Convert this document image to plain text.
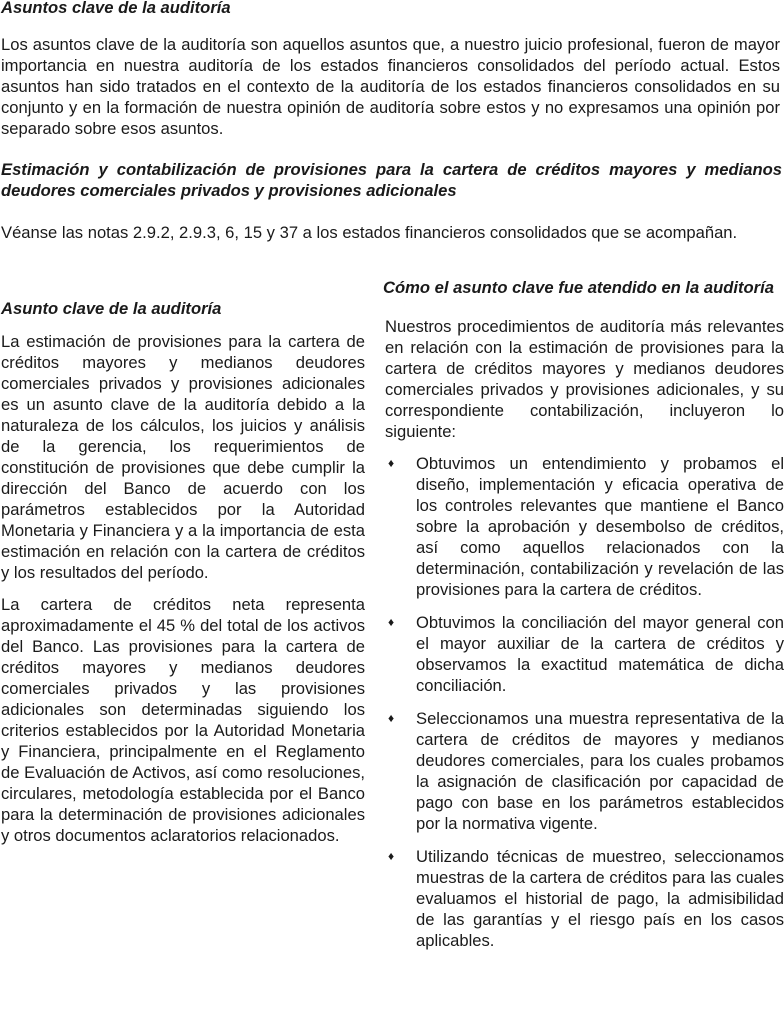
Asuntos clave de la auditoría

Los asuntos clave de la auditoría son aquellos asuntos que, a nuestro juicio profesional, fueron de mayor importancia en nuestra auditoría de los estados financieros consolidados del período actual. Estos asuntos han sido tratados en el contexto de la auditoría de los estados financieros consolidados en su conjunto y en la formación de nuestra opinión de auditoría sobre estos y no expresamos una opinión por separado sobre esos asuntos.

Estimación y contabilización de provisiones para la cartera de créditos mayores y medianos deudores comerciales privados y provisiones adicionales

Véanse las notas 2.9.2, 2.9.3, 6, 15 y 37 a los estados financieros consolidados que se acompañan.

Asunto clave de la auditoría

La estimación de provisiones para la cartera de créditos mayores y medianos deudores comerciales privados y provisiones adicionales es un asunto clave de la auditoría debido a la naturaleza de los cálculos, los juicios y análisis de la gerencia, los requerimientos de constitución de provisiones que debe cumplir la dirección del Banco de acuerdo con los parámetros establecidos por la Autoridad Monetaria y Financiera y a la importancia de esta estimación en relación con la cartera de créditos y los resultados del período.

La cartera de créditos neta representa aproximadamente el 45 % del total de los activos del Banco. Las provisiones para la cartera de créditos mayores y medianos deudores comerciales privados y las provisiones adicionales son determinadas siguiendo los criterios establecidos por la Autoridad Monetaria y Financiera, principalmente en el Reglamento de Evaluación de Activos, así como resoluciones, circulares, metodología establecida por el Banco para la determinación de provisiones adicionales y otros documentos aclaratorios relacionados.

Cómo el asunto clave fue atendido en la auditoría

Nuestros procedimientos de auditoría más relevantes en relación con la estimación de provisiones para la cartera de créditos mayores y medianos deudores comerciales privados y provisiones adicionales, y su correspondiente contabilización, incluyeron lo siguiente:

♦ Obtuvimos un entendimiento y probamos el diseño, implementación y eficacia operativa de los controles relevantes que mantiene el Banco sobre la aprobación y desembolso de créditos, así como aquellos relacionados con la determinación, contabilización y revelación de las provisiones para la cartera de créditos.
♦ Obtuvimos la conciliación del mayor general con el mayor auxiliar de la cartera de créditos y observamos la exactitud matemática de dicha conciliación.
♦ Seleccionamos una muestra representativa de la cartera de créditos de mayores y medianos deudores comerciales, para los cuales probamos la asignación de clasificación por capacidad de pago con base en los parámetros establecidos por la normativa vigente.
♦ Utilizando técnicas de muestreo, seleccionamos muestras de la cartera de créditos para las cuales evaluamos el historial de pago, la admisibilidad de las garantías y el riesgo país en los casos aplicables.
